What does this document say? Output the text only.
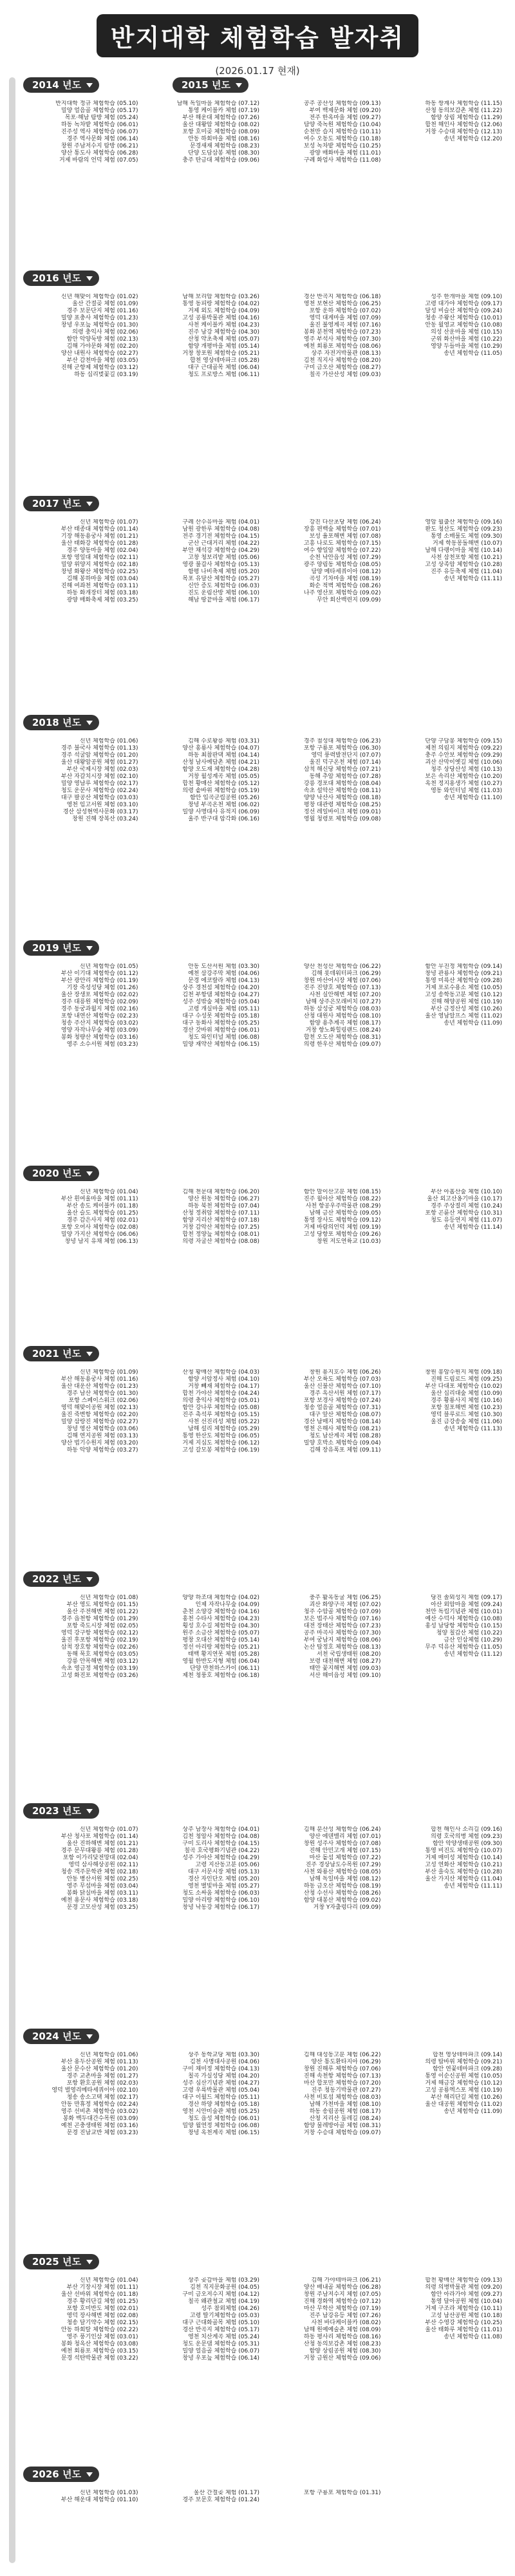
반지대학 체험학습 발자취
(2026.01.17 현재)
2014 년도	2015 년도
반지대학 정규 체험학습 (05.10)
밀양 얼음골 체험학습 (05.17)
목포·해남 탐방 체험 (05.24)
하동 녹차밭 체험학습 (06.01)
진주성 역사 체험학습 (06.07)
경주 역사문화 체험 (06.14)
창원 주남저수지 탐방 (06.21)
양산 통도사 체험학습 (06.28)
거제 바람의 언덕 체험 (07.05)
남해 독일마을 체험학습 (07.12)
통영 케이블카 체험 (07.19)
부산 해운대 체험학습 (07.26)
울산 대왕암 체험학습 (08.02)
포항 호미곶 체험학습 (08.09)
안동 하회마을 체험 (08.16)
문경새재 체험학습 (08.23)
단양 도담삼봉 체험 (08.30)
충주 탄금대 체험학습 (09.06)
공주 공산성 체험학습 (09.13)
부여 백제문화 체험 (09.20)
전주 한옥마을 체험 (09.27)
담양 죽녹원 체험학습 (10.04)
순천만 습지 체험학습 (10.11)
여수 오동도 체험학습 (10.18)
보성 녹차밭 체험학습 (10.25)
광양 매화마을 체험 (11.01)
구례 화엄사 체험학습 (11.08)
하동 쌍계사 체험학습 (11.15)
산청 동의보감촌 체험 (11.22)
함양 상림 체험학습 (11.29)
합천 해인사 체험학습 (12.06)
거창 수승대 체험학습 (12.13)
송년 체험학습 (12.20)
2016 년도
신년 해맞이 체험학습 (01.02)
울산 간절곶 체험 (01.09)
경주 보문단지 체험 (01.16)
밀양 표충사 체험학습 (01.23)
창녕 우포늪 체험학습 (01.30)
의령 충익사 체험 (02.06)
함안 악양둑방 체험 (02.13)
김해 가야문화 체험 (02.20)
양산 내원사 체험학습 (02.27)
부산 감천마을 체험 (03.05)
진해 군항제 체험학습 (03.12)
하동 십리벚꽃길 (03.19)
남해 보리암 체험학습 (03.26)
통영 동피랑 체험학습 (04.02)
거제 외도 체험학습 (04.09)
고성 공룡박물관 체험 (04.16)
사천 케이블카 체험 (04.23)
진주 남강 체험학습 (04.30)
산청 약초축제 체험 (05.07)
함양 개평마을 체험 (05.14)
거창 창포원 체험학습 (05.21)
합천 영상테마파크 (05.28)
대구 근대골목 체험 (06.04)
청도 프로방스 체험 (06.11)
경산 반곡지 체험학습 (06.18)
영천 보현산 체험학습 (06.25)
포항 운하 체험학습 (07.02)
영덕 대게마을 체험 (07.09)
울진 불영계곡 체험 (07.16)
봉화 분천역 체험학습 (07.23)
영주 부석사 체험학습 (07.30)
예천 회룡포 체험학습 (08.06)
상주 자전거박물관 (08.13)
김천 직지사 체험학습 (08.20)
구미 금오산 체험학습 (08.27)
칠곡 가산산성 체험 (09.03)
성주 한개마을 체험 (09.10)
고령 대가야 체험학습 (09.17)
달성 비슬산 체험학습 (09.24)
청송 주왕산 체험학습 (10.01)
안동 월영교 체험학습 (10.08)
의성 산운마을 체험 (10.15)
군위 화산마을 체험 (10.22)
영양 두들마을 체험 (10.29)
송년 체험학습 (11.05)
2017 년도
신년 체험학습 (01.07)
부산 태종대 체험학습 (01.14)
기장 해동용궁사 체험 (01.21)
울산 태화강 체험학습 (01.28)
경주 양동마을 체험 (02.04)
포항 영일대 체험학습 (02.11)
밀양 위양지 체험학습 (02.18)
창녕 화왕산 체험학습 (02.25)
김해 봉하마을 체험 (03.04)
진해 여좌천 체험학습 (03.11)
하동 화개장터 체험 (03.18)
광양 매화축제 체험 (03.25)
구례 산수유마을 체험 (04.01)
남원 광한루 체험학습 (04.08)
전주 경기전 체험학습 (04.15)
군산 근대거리 체험 (04.22)
부안 채석강 체험학습 (04.29)
고창 청보리밭 체험 (05.06)
영광 불갑사 체험학습 (05.13)
함평 나비축제 체험 (05.20)
목포 유달산 체험학습 (05.27)
신안 증도 체험학습 (06.03)
진도 운림산방 체험 (06.10)
해남 땅끝마을 체험 (06.17)
강진 다산초당 체험 (06.24)
장흥 편백숲 체험학습 (07.01)
보성 율포해변 체험 (07.08)
고흥 나로도 체험학습 (07.15)
여수 향일암 체험학습 (07.22)
순천 낙안읍성 체험 (07.29)
광주 양림동 체험학습 (08.05)
담양 메타세쿼이아 (08.12)
곡성 기차마을 체험 (08.19)
화순 적벽 체험학습 (08.26)
나주 영산포 체험학습 (09.02)
무안 회산백련지 (09.09)
영암 월출산 체험학습 (09.16)
완도 청산도 체험학습 (09.23)
통영 소매물도 체험 (09.30)
거제 학동몽돌해변 (10.07)
남해 다랭이마을 체험 (10.14)
사천 삼천포항 체험 (10.21)
고성 상족암 체험학습 (10.28)
진주 유등축제 체험 (11.04)
송년 체험학습 (11.11)
2018 년도
신년 체험학습 (01.06)
경주 불국사 체험학습 (01.13)
경주 석굴암 체험학습 (01.20)
울산 대왕암공원 체험 (01.27)
부산 국제시장 체험 (02.03)
부산 자갈치시장 체험 (02.10)
밀양 영남루 체험학습 (02.17)
청도 운문사 체험학습 (02.24)
대구 팔공산 체험학습 (03.03)
영천 임고서원 체험 (03.10)
경산 삼성현역사문화 (03.17)
창원 진해 장복산 (03.24)
김해 수로왕릉 체험 (03.31)
양산 홍룡사 체험학습 (04.07)
하동 최참판댁 체험 (04.14)
산청 남사예담촌 체험 (04.21)
함양 오도재 체험학습 (04.28)
거창 월성계곡 체험 (05.05)
합천 황매산 체험학습 (05.12)
의령 솥바위 체험학습 (05.19)
함안 입곡군립공원 (05.26)
창녕 부곡온천 체험 (06.02)
밀양 사명대사 유적지 (06.09)
울주 반구대 암각화 (06.16)
경주 첨성대 체험학습 (06.23)
포항 구룡포 체험학습 (06.30)
영덕 풍력발전단지 (07.07)
울진 덕구온천 체험 (07.14)
삼척 해신당 체험학습 (07.21)
동해 추암 체험학습 (07.28)
강릉 경포대 체험학습 (08.04)
속초 설악산 체험학습 (08.11)
양양 낙산사 체험학습 (08.18)
평창 대관령 체험학습 (08.25)
정선 레일바이크 체험 (09.01)
영월 청령포 체험학습 (09.08)
단양 구담봉 체험학습 (09.15)
제천 의림지 체험학습 (09.22)
충주 수안보 체험학습 (09.29)
괴산 산막이옛길 체험 (10.06)
청주 상당산성 체험 (10.13)
보은 속리산 체험학습 (10.20)
옥천 정지용생가 체험 (10.27)
영동 와인터널 체험 (11.03)
송년 체험학습 (11.10)
2019 년도
신년 체험학습 (01.05)
부산 이기대 체험학습 (01.12)
부산 광안리 체험학습 (01.19)
기장 죽성성당 체험 (01.26)
울산 장생포 체험학습 (02.02)
경주 대릉원 체험학습 (02.09)
경주 동궁과월지 체험 (02.16)
포항 내연산 체험학습 (02.23)
청송 주산지 체험학습 (03.02)
영양 자작나무숲 체험 (03.09)
봉화 청량산 체험학습 (03.16)
영주 소수서원 체험 (03.23)
안동 도산서원 체험 (03.30)
예천 삼강주막 체험 (04.06)
문경 에코랄라 체험 (04.13)
상주 경천섬 체험학습 (04.20)
김천 부항댐 체험학습 (04.27)
성주 성밖숲 체험학습 (05.04)
고령 개실마을 체험 (05.11)
대구 수성못 체험학습 (05.18)
대구 동화사 체험학습 (05.25)
경산 갓바위 체험학습 (06.01)
청도 와인터널 체험 (06.08)
밀양 재약산 체험학습 (06.15)
양산 천성산 체험학습 (06.22)
김해 롯데워터파크 (06.29)
창원 마산어시장 체험 (07.06)
진주 진양호 체험학습 (07.13)
사천 실안해변 체험 (07.20)
남해 상주은모래비치 (07.27)
하동 삼성궁 체험학습 (08.03)
산청 대원사 체험학습 (08.10)
함양 용추계곡 체험 (08.17)
거창 항노화힐링랜드 (08.24)
합천 오도산 체험학습 (08.31)
의령 한우산 체험학습 (09.07)
함안 무진정 체험학습 (09.14)
창녕 관룡사 체험학습 (09.21)
통영 미륵산 체험학습 (09.28)
거제 포로수용소 체험 (10.05)
고성 송학동고분 체험 (10.12)
진해 해양공원 체험 (10.19)
부산 금정산성 체험 (10.26)
울산 영남알프스 체험 (11.02)
송년 체험학습 (11.09)
2020 년도
신년 체험학습 (01.04)
부산 흰여울마을 체험 (01.11)
부산 송도 케이블카 (01.18)
울산 슬도 체험학습 (01.25)
경주 감은사지 체험 (02.01)
포항 오어사 체험학습 (02.08)
밀양 가지산 체험학습 (06.06)
창녕 남지 유채 체험 (06.13)
김해 천문대 체험학습 (06.20)
양산 원동 체험학습 (06.27)
하동 북천 체험학습 (07.04)
산청 정취암 체험학습 (07.11)
함양 지리산 체험학습 (07.18)
거창 감악산 체험학습 (07.25)
합천 정양늪 체험학습 (08.01)
의령 자굴산 체험학습 (08.08)
함안 말이산고분 체험 (08.15)
진주 월아산 체험학습 (08.22)
사천 항공우주박물관 (08.29)
남해 금산 체험학습 (09.05)
통영 장사도 체험학습 (09.12)
거제 바람의언덕 체험 (09.19)
고성 당항포 체험학습 (09.26)
창원 저도연륙교 (10.03)
부산 아홉산숲 체험 (10.10)
울산 외고산옹기마을 (10.17)
경주 주상절리 체험 (10.24)
포항 곤륜산 체험학습 (10.31)
청도 유등연지 체험 (11.07)
송년 체험학습 (11.14)
2021 년도
신년 체험학습 (01.09)
부산 해동용궁사 체험 (01.16)
울산 대운산 체험학습 (01.23)
경주 남산 체험학습 (01.30)
포항 스페이스워크 (02.06)
영덕 해맞이공원 체험 (02.13)
울진 죽변항 체험학습 (02.20)
밀양 삼랑진 체험학습 (02.27)
창녕 영산 체험학습 (03.06)
김해 연지공원 체험 (03.13)
양산 법기수원지 체험 (03.20)
하동 악양 체험학습 (03.27)
산청 황매산 체험학습 (04.03)
함양 서암정사 체험 (04.10)
거창 빼재 체험학습 (04.17)
합천 가야산 체험학습 (04.24)
의령 충익사 체험학습 (05.01)
함안 강나루 체험학습 (05.08)
진주 촉석루 체험학습 (05.15)
사천 선진리성 체험 (05.22)
남해 설리 체험학습 (05.29)
통영 한산도 체험학습 (06.05)
거제 지심도 체험학습 (06.12)
고성 갈모봉 체험학습 (06.19)
창원 용지호수 체험 (06.26)
부산 오륙도 체험학습 (07.03)
울산 신불산 체험학습 (07.10)
경주 옥산서원 체험 (07.17)
포항 보경사 체험학습 (07.24)
청송 얼음골 체험학습 (07.31)
대구 앞산 체험학습 (08.07)
경산 남매지 체험학습 (08.14)
영천 은해사 체험학습 (08.21)
청도 남산계곡 체험 (08.28)
밀양 호박소 체험학습 (09.04)
김해 장유폭포 체험 (09.11)
창원 봉암수원지 체험 (09.18)
진해 드림로드 체험 (09.25)
부산 다대포 체험학습 (10.02)
울산 십리대숲 체험 (10.09)
경주 황룡사지 체험 (10.16)
포항 칠포해변 체험 (10.23)
영덕 블루로드 체험 (10.30)
울진 금강송숲 체험 (11.06)
송년 체험학습 (11.13)
2022 년도
신년 체험학습 (01.08)
부산 영도 체험학습 (01.15)
울산 주전해변 체험 (01.22)
경주 읍천항 체험학습 (01.29)
포항 죽도시장 체험 (02.05)
영덕 강구항 체험학습 (02.12)
울진 후포항 체험학습 (02.19)
삼척 장호항 체험학습 (02.26)
동해 묵호 체험학습 (03.05)
강릉 안목해변 체험 (03.12)
속초 영금정 체험학습 (03.19)
고성 화진포 체험학습 (03.26)
양양 하조대 체험학습 (04.02)
인제 자작나무숲 (04.09)
춘천 소양강 체험학습 (04.16)
홍천 수타사 체험학습 (04.23)
횡성 호수길 체험학습 (04.30)
원주 소금산 체험학습 (05.07)
평창 오대산 체험학습 (05.14)
정선 아리랑 체험학습 (05.21)
태백 황지연못 체험 (05.28)
영월 한반도지형 체험 (06.04)
단양 만천하스카이 (06.11)
제천 청풍호 체험학습 (06.18)
충주 활옥동굴 체험 (06.25)
괴산 화양구곡 체험 (07.02)
청주 수암골 체험학습 (07.09)
보은 법주사 체험학습 (07.16)
대전 장태산 체험학습 (07.23)
공주 마곡사 체험학습 (07.30)
부여 궁남지 체험학습 (08.06)
논산 탑정호 체험학습 (08.13)
서천 국립생태원 (08.20)
보령 대천해변 체험 (08.27)
태안 꽃지해변 체험 (09.03)
서산 해미읍성 체험 (09.10)
당진 솔뫼성지 체험 (09.17)
아산 외암마을 체험 (09.24)
천안 독립기념관 체험 (10.01)
예산 수덕사 체험학습 (10.08)
홍성 남당항 체험학습 (10.15)
청양 칠갑산 체험 (10.22)
금산 인삼체험 (10.29)
무주 덕유산 체험학습 (11.05)
송년 체험학습 (11.12)
2023 년도
신년 체험학습 (01.07)
부산 청사포 체험학습 (01.14)
울산 진하해변 체험 (01.21)
경주 문무대왕릉 체험 (01.28)
포항 이가리닻전망대 (02.04)
영덕 삼사해상공원 (02.11)
청송 객주문학관 체험 (02.18)
안동 병산서원 체험 (02.25)
영주 무섬마을 체험 (03.04)
봉화 닭실마을 체험 (03.11)
예천 용문사 체험학습 (03.18)
문경 고모산성 체험 (03.25)
상주 남장사 체험학습 (04.01)
김천 청암사 체험학습 (04.08)
구미 도리사 체험학습 (04.15)
칠곡 호국평화기념관 (04.22)
성주 가야산 체험학습 (04.29)
고령 지산동고분 (05.06)
대구 서문시장 체험 (05.13)
경산 자인단오 체험 (05.20)
영천 별빛마을 체험 (05.27)
청도 소싸움 체험학습 (06.03)
밀양 아리랑 체험학습 (06.10)
창녕 낙동강 체험학습 (06.17)
김해 분산성 체험학습 (06.24)
양산 에덴밸리 체험 (07.01)
창원 성주사 체험학습 (07.08)
진해 안민고개 체험 (07.15)
마산 돝섬 체험학습 (07.22)
진주 경상남도수목원 (07.29)
사천 와룡산 체험학습 (08.05)
남해 독일마을 체험 (08.12)
하동 금오산 체험학습 (08.19)
산청 수선사 체험학습 (08.26)
함양 대봉산 체험학습 (09.02)
거창 Y자출렁다리 (09.09)
합천 해인사 소리길 (09.16)
의령 호국의병 체험 (09.23)
함안 악양생태공원 (09.30)
통영 비진도 체험학습 (10.07)
거제 매미성 체험학습 (10.14)
고성 연화산 체험학습 (10.21)
부산 을숙도 체험학습 (10.28)
울산 가지산 체험학습 (11.04)
송년 체험학습 (11.11)
2024 년도
신년 체험학습 (01.06)
부산 용두산공원 체험 (01.13)
울산 문수산 체험학습 (01.20)
경주 교촌마을 체험 (01.27)
포항 환호공원 체험 (02.03)
영덕 벌영리메타세쿼이아 (02.10)
청송 송소고택 체험 (02.17)
안동 만휴정 체험학습 (02.24)
영주 선비촌 체험학습 (03.02)
봉화 백두대간수목원 (03.09)
예천 곤충생태원 체험 (03.16)
문경 진남교반 체험 (03.23)
상주 동학교당 체험 (03.30)
김천 사명대사공원 (04.06)
구미 채미정 체험학습 (04.13)
칠곡 가실성당 체험 (04.20)
성주 심산기념관 체험 (04.27)
고령 우륵박물관 체험 (05.04)
대구 이월드 체험학습 (05.11)
경산 하양 체험학습 (05.18)
영천 시안미술관 체험 (05.25)
청도 읍성 체험학습 (06.01)
밀양 월연정 체험학습 (06.08)
창녕 옥천계곡 체험 (06.15)
김해 대성동고분 체험 (06.22)
양산 통도환타지아 (06.29)
창원 진해루 체험학습 (07.06)
진해 속천항 체험학습 (07.13)
마산 합포만 체험학습 (07.20)
진주 청동기박물관 (07.27)
사천 비토섬 체험학습 (08.03)
남해 가천마을 체험 (08.10)
하동 송림공원 체험 (08.17)
산청 지리산 둘레길 (08.24)
함양 물레방아골 체험 (08.31)
거창 수승대 체험학습 (09.07)
합천 영상테마파크 (09.14)
의령 탑바위 체험학습 (09.21)
함안 연꽃테마파크 (09.28)
통영 이순신공원 체험 (10.05)
거제 해금강 체험학습 (10.12)
고성 공룡엑스포 체험 (10.19)
부산 해리단길 체험 (10.26)
울산 대공원 체험학습 (11.02)
송년 체험학습 (11.09)
2025 년도
신년 체험학습 (01.04)
부산 기장시장 체험 (01.11)
울산 선바위 체험학습 (01.18)
경주 황리단길 체험 (01.25)
포항 호미반도 체험 (02.01)
영덕 장사해변 체험 (02.08)
청송 달기약수 체험 (02.15)
안동 하회탈 체험학습 (02.22)
영주 풍기인삼 체험 (03.01)
봉화 청옥산 체험학습 (03.08)
예천 회룡포 체험학습 (03.15)
문경 석탄박물관 체험 (03.22)
상주 곶감마을 체험 (03.29)
김천 직지문화공원 (04.05)
구미 금오저수지 체험 (04.12)
칠곡 왜관철교 체험 (04.19)
성주 참외체험 (04.26)
고령 딸기체험학습 (05.03)
대구 근대화골목 체험 (05.10)
경산 반곡지 체험학습 (05.17)
영천 치산계곡 체험 (05.24)
청도 운문댐 체험학습 (05.31)
밀양 얼음골 체험학습 (06.07)
창녕 우포늪 체험학습 (06.14)
김해 가야테마파크 (06.21)
양산 배내골 체험학습 (06.28)
창원 주남저수지 체험 (07.05)
진해 경화역 체험학습 (07.12)
마산 무학산 체험학습 (07.19)
진주 남강유등 체험 (07.26)
사천 바다케이블카 (08.02)
남해 원예예술촌 체험 (08.09)
하동 평사리 체험학습 (08.16)
산청 동의보감촌 체험 (08.23)
함양 상림공원 체험 (08.30)
거창 금원산 체험학습 (09.06)
합천 황매산 체험학습 (09.13)
의령 의병박물관 체험 (09.20)
함안 아라가야 체험 (09.27)
통영 달아공원 체험 (10.04)
거제 구조라 체험학습 (10.11)
고성 남산공원 체험 (10.18)
부산 수영강 체험학습 (10.25)
울산 태화루 체험학습 (11.01)
송년 체험학습 (11.08)
2026 년도
신년 체험학습 (01.03)
부산 해운대 체험학습 (01.10)
울산 간절곶 체험 (01.17)
경주 보문호 체험학습 (01.24)
포항 구룡포 체험학습 (01.31)
